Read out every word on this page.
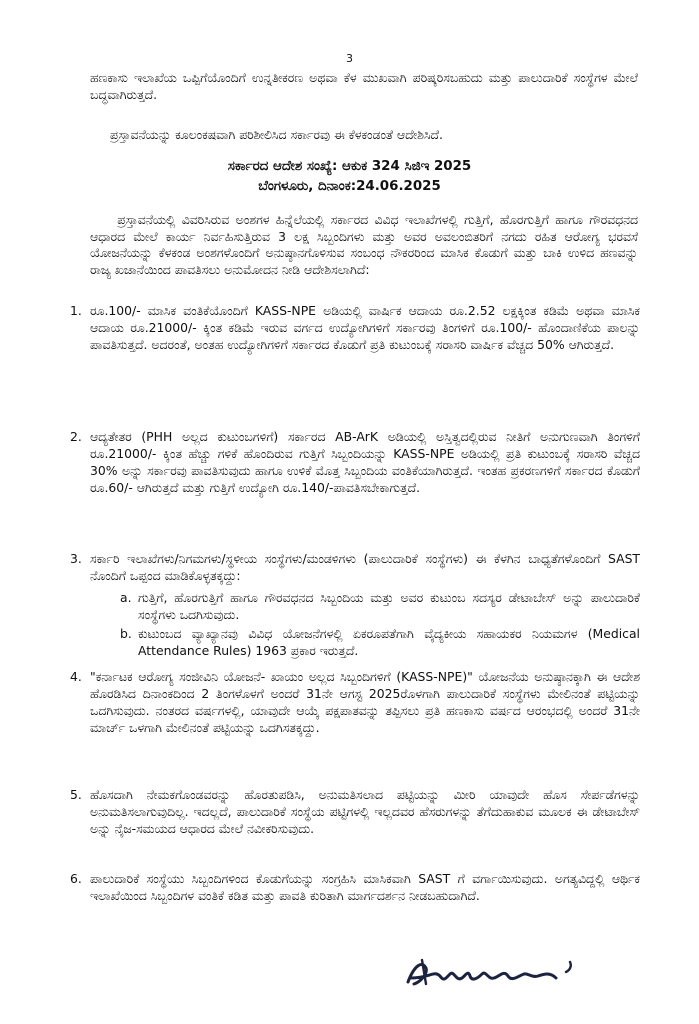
3
ಹಣಕಾಸು ಇಲಾಖೆಯ ಒಪ್ಪಿಗೆಯೊಂದಿಗೆ ಉನ್ನತೀಕರಣ ಅಥವಾ ಕೆಳ ಮುಖವಾಗಿ ಪರಿಷ್ಕರಿಸಬಹುದು ಮತ್ತು ಪಾಲುದಾರಿಕೆ ಸಂಸ್ಥೆಗಳ ಮೇಲೆ ಬದ್ಧವಾಗಿರುತ್ತದೆ.
ಪ್ರಸ್ತಾವನೆಯನ್ನು ಕೂಲಂಕಷವಾಗಿ ಪರಿಶೀಲಿಸಿದ ಸರ್ಕಾರವು ಈ ಕೆಳಕಂಡಂತೆ ಆದೇಶಿಸಿದೆ.
ಸರ್ಕಾರದ ಆದೇಶ ಸಂಖ್ಯೆ: ಆಕುಕ 324 ಸಿಜಿಇ 2025
ಬೆಂಗಳೂರು, ದಿನಾಂಕ:24.06.2025
ಪ್ರಸ್ತಾವನೆಯಲ್ಲಿ ವಿವರಿಸಿರುವ ಅಂಶಗಳ ಹಿನ್ನೆಲೆಯಲ್ಲಿ ಸರ್ಕಾರದ ವಿವಿಧ ಇಲಾಖೆಗಳಲ್ಲಿ ಗುತ್ತಿಗೆ, ಹೊರಗುತ್ತಿಗೆ ಹಾಗೂ ಗೌರವಧನದ ಆಧಾರದ ಮೇಲೆ ಕಾರ್ಯ ನಿರ್ವಹಿಸುತ್ತಿರುವ 3 ಲಕ್ಷ ಸಿಬ್ಬಂದಿಗಳು ಮತ್ತು ಅವರ ಅವಲಂಬಿತರಿಗೆ ನಗದು ರಹಿತ ಆರೋಗ್ಯ ಭರವಸೆ ಯೋಜನೆಯನ್ನು ಕೆಳಕಂಡ ಅಂಶಗಳೊಂದಿಗೆ ಅನುಷ್ಠಾನಗೊಳಿಸುವ ಸಂಬಂಧ ನೌಕರರಿಂದ ಮಾಸಿಕ ಕೊಡುಗೆ ಮತ್ತು ಬಾಕಿ ಉಳಿದ ಹಣವನ್ನು ರಾಜ್ಯ ಖಜಾನೆಯಿಂದ ಪಾವತಿಸಲು ಅನುಮೋದನ ನೀಡಿ ಆದೇಶಿಸಲಾಗಿದೆ:
1. ರೂ.100/- ಮಾಸಿಕ ವಂತಿಕೆಯೊಂದಿಗೆ KASS-NPE ಅಡಿಯಲ್ಲಿ ವಾರ್ಷಿಕ ಆದಾಯ ರೂ.2.52 ಲಕ್ಷಕ್ಕಿಂತ ಕಡಿಮೆ ಅಥವಾ ಮಾಸಿಕ ಆದಾಯ ರೂ.21000/- ಕ್ಕಿಂತ ಕಡಿಮೆ ಇರುವ ವರ್ಗದ ಉದ್ಯೋಗಿಗಳಿಗೆ ಸರ್ಕಾರವು ತಿಂಗಳಿಗೆ ರೂ.100/- ಹೊಂದಾಣಿಕೆಯ ಪಾಲನ್ನು ಪಾವತಿಸುತ್ತದೆ. ಅದರಂತೆ, ಅಂತಹ ಉದ್ಯೋಗಿಗಳಿಗೆ ಸರ್ಕಾರದ ಕೊಡುಗೆ ಪ್ರತಿ ಕುಟುಂಬಕ್ಕೆ ಸರಾಸರಿ ವಾರ್ಷಿಕ ವೆಚ್ಚದ 50% ಆಗಿರುತ್ತದೆ.
2. ಆದ್ಯತೇತರ (PHH ಅಲ್ಲದ ಕುಟುಂಬಗಳಿಗೆ) ಸರ್ಕಾರದ AB-ArK ಅಡಿಯಲ್ಲಿ ಅಸ್ತಿತ್ವದಲ್ಲಿರುವ ನೀತಿಗೆ ಅನುಗುಣವಾಗಿ ತಿಂಗಳಿಗೆ ರೂ.21000/- ಕ್ಕಿಂತ ಹೆಚ್ಚು ಗಳಿಕೆ ಹೊಂದಿರುವ ಗುತ್ತಿಗೆ ಸಿಬ್ಬಂದಿಯನ್ನು KASS-NPE ಅಡಿಯಲ್ಲಿ ಪ್ರತಿ ಕುಟುಂಬಕ್ಕೆ ಸರಾಸರಿ ವೆಚ್ಚದ 30% ಅನ್ನು ಸರ್ಕಾರವು ಪಾವತಿಸುವುದು ಹಾಗೂ ಉಳಿಕೆ ಮೊತ್ತ ಸಿಬ್ಬಂದಿಯ ವಂತಿಕೆಯಾಗಿರುತ್ತದೆ. ಇಂತಹ ಪ್ರಕರಣಗಳಿಗೆ ಸರ್ಕಾರದ ಕೊಡುಗೆ ರೂ.60/- ಆಗಿರುತ್ತದೆ ಮತ್ತು ಗುತ್ತಿಗೆ ಉದ್ಯೋಗಿ ರೂ.140/-ಪಾವತಿಸಬೇಕಾಗುತ್ತದೆ.
3. ಸರ್ಕಾರಿ ಇಲಾಖೆಗಳು/ನಿಗಮಗಳು/ಸ್ಥಳೀಯ ಸಂಸ್ಥೆಗಳು/ಮಂಡಳಿಗಳು (ಪಾಲುದಾರಿಕೆ ಸಂಸ್ಥೆಗಳು) ಈ ಕೆಳಗಿನ ಬಾಧ್ಯತೆಗಳೊಂದಿಗೆ SAST ನೊಂದಿಗೆ ಒಪ್ಪಂದ ಮಾಡಿಕೊಳ್ಳತಕ್ಕದ್ದು:
a. ಗುತ್ತಿಗೆ, ಹೊರಗುತ್ತಿಗೆ ಹಾಗೂ ಗೌರವಧನದ ಸಿಬ್ಬಂದಿಯ ಮತ್ತು ಅವರ ಕುಟುಂಬ ಸದಸ್ಯರ ಡೇಟಾಬೇಸ್ ಅನ್ನು ಪಾಲುದಾರಿಕೆ ಸಂಸ್ಥೆಗಳು ಒದಗಿಸುವುದು.
b. ಕುಟುಂಬದ ವ್ಯಾಖ್ಯಾನವು ವಿವಿಧ ಯೋಜನೆಗಳಲ್ಲಿ ಏಕರೂಪತೆಗಾಗಿ ವೈದ್ಯಕೀಯ ಸಹಾಯಕರ ನಿಯಮಗಳ (Medical Attendance Rules) 1963 ಪ್ರಕಾರ ಇರುತ್ತದೆ.
4. "ಕರ್ನಾಟಕ ಆರೋಗ್ಯ ಸಂಜೀವಿನಿ ಯೋಜನೆ- ಖಾಯಂ ಅಲ್ಲದ ಸಿಬ್ಬಂದಿಗಳಿಗೆ (KASS-NPE)" ಯೋಜನೆಯ ಅನುಷ್ಠಾನಕ್ಕಾಗಿ ಈ ಆದೇಶ ಹೊರಡಿಸಿದ ದಿನಾಂಕದಿಂದ 2 ತಿಂಗಳೊಳಗೆ ಅಂದರೆ 31ನೇ ಆಗಸ್ಟ 2025ರೊಳಗಾಗಿ ಪಾಲುದಾರಿಕೆ ಸಂಸ್ಥೆಗಳು ಮೇಲಿನಂತೆ ಪಟ್ಟಿಯನ್ನು ಒದಗಿಸುವುದು. ನಂತರದ ವರ್ಷಗಳಲ್ಲಿ, ಯಾವುದೇ ಆಯ್ಕೆ ಪಕ್ಷಪಾತವನ್ನು ತಪ್ಪಿಸಲು ಪ್ರತಿ ಹಣಕಾಸು ವರ್ಷದ ಆರಂಭದಲ್ಲಿ ಅಂದರೆ 31ನೇ ಮಾರ್ಚ್ ಒಳಗಾಗಿ ಮೇಲಿನಂತೆ ಪಟ್ಟಿಯನ್ನು ಒದಗಿಸತಕ್ಕದ್ದು.
5. ಹೊಸದಾಗಿ ನೇಮಕಗೊಂಡವರನ್ನು ಹೊರತುಪಡಿಸಿ, ಅನುಮತಿಸಲಾದ ಪಟ್ಟಿಯನ್ನು ಮೀರಿ ಯಾವುದೇ ಹೊಸ ಸೇರ್ಪಡೆಗಳನ್ನು ಅನುಮತಿಸಲಾಗುವುದಿಲ್ಲ. ಇದಲ್ಲದೆ, ಪಾಲುದಾರಿಕೆ ಸಂಸ್ಥೆಯ ಪಟ್ಟಿಗಳಲ್ಲಿ ಇಲ್ಲದವರ ಹೆಸರುಗಳನ್ನು ತೆಗೆದುಹಾಕುವ ಮೂಲಕ ಈ ಡೇಟಾಬೇಸ್ ಅನ್ನು ನೈಜ-ಸಮಯದ ಆಧಾರದ ಮೇಲೆ ನವೀಕರಿಸುವುದು.
6. ಪಾಲುದಾರಿಕೆ ಸಂಸ್ಥೆಯು ಸಿಬ್ಬಂದಿಗಳಿಂದ ಕೊಡುಗೆಯನ್ನು ಸಂಗ್ರಹಿಸಿ ಮಾಸಿಕವಾಗಿ SAST ಗೆ ವರ್ಗಾಯಿಸುವುದು. ಅಗತ್ಯವಿದ್ದಲ್ಲಿ ಆರ್ಥಿಕ ಇಲಾಖೆಯಿಂದ ಸಿಬ್ಬಂದಿಗಳ ವಂತಿಕೆ ಕಡಿತ ಮತ್ತು ಪಾವತಿ ಕುರಿತಾಗಿ ಮಾರ್ಗದರ್ಶನ ನೀಡಬಹುದಾಗಿದೆ.
